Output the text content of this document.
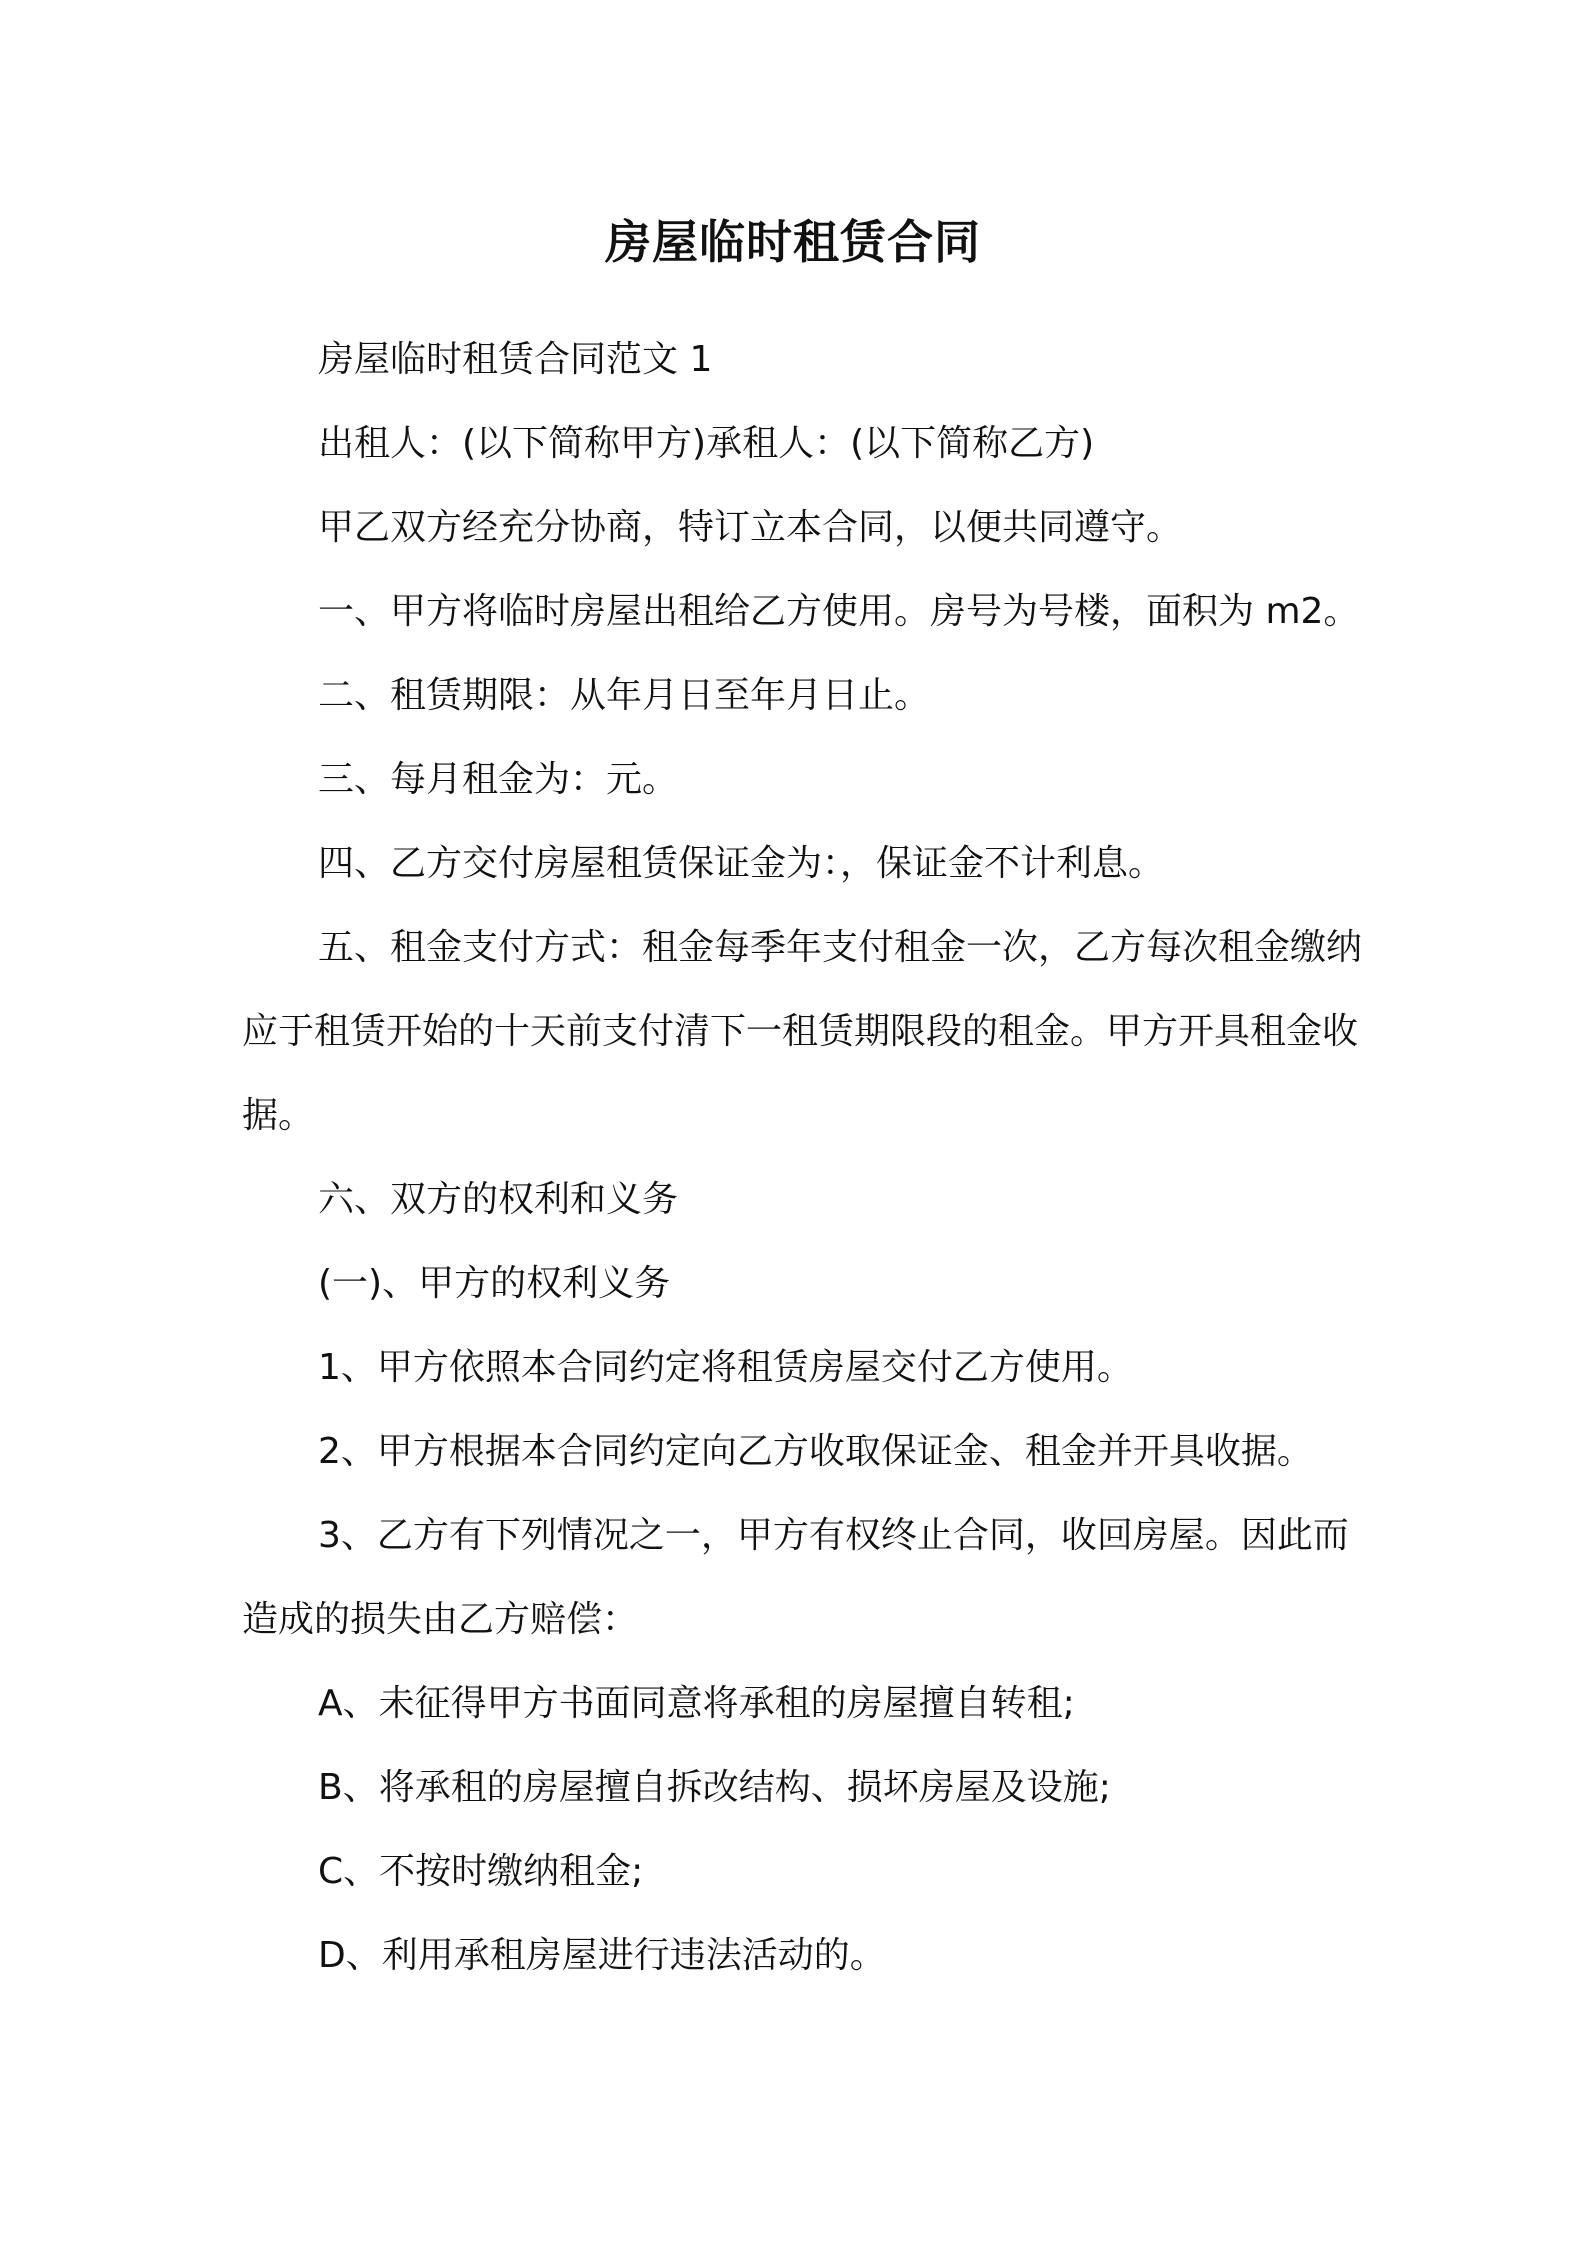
房屋临时租赁合同

房屋临时租赁合同范文 1

出租人：(以下简称甲方)承租人：(以下简称乙方)

甲乙双方经充分协商，特订立本合同，以便共同遵守。

一、甲方将临时房屋出租给乙方使用。房号为号楼，面积为 m2。

二、租赁期限：从年月日至年月日止。

三、每月租金为：元。

四、乙方交付房屋租赁保证金为：，保证金不计利息。

五、租金支付方式：租金每季年支付租金一次，乙方每次租金缴纳应于租赁开始的十天前支付清下一租赁期限段的租金。甲方开具租金收据。

六、双方的权利和义务

(一)、甲方的权利义务

1、甲方依照本合同约定将租赁房屋交付乙方使用。

2、甲方根据本合同约定向乙方收取保证金、租金并开具收据。

3、乙方有下列情况之一，甲方有权终止合同，收回房屋。因此而造成的损失由乙方赔偿：

A、未征得甲方书面同意将承租的房屋擅自转租;

B、将承租的房屋擅自拆改结构、损坏房屋及设施;

C、不按时缴纳租金;

D、利用承租房屋进行违法活动的。
